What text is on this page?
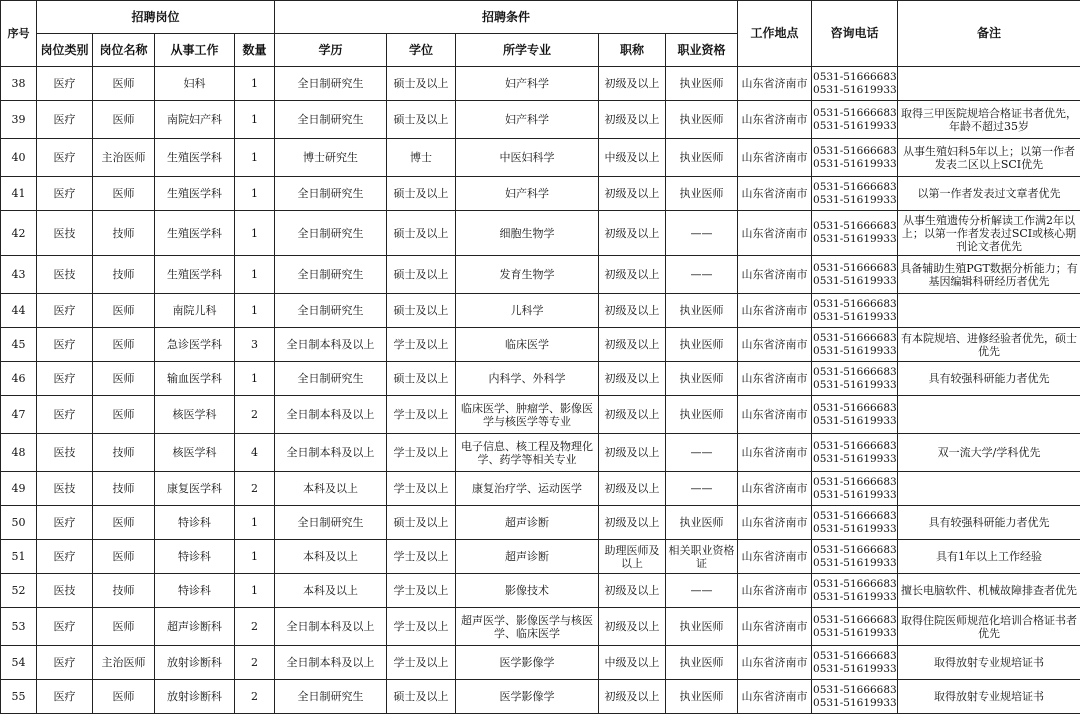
序号	招聘岗位				招聘条件					工作地点	咨询电话	备注
	岗位类别	岗位名称	从事工作	数量	学历	学位	所学专业	职称	职业资格			
38	医疗	医师	妇科	1	全日制研究生	硕士及以上	妇产科学	初级及以上	执业医师	山东省济南市	0531-51666683
0531-51619933	

39	医疗	医师	南院妇产科	1	全日制研究生	硕士及以上	妇产科学	初级及以上	执业医师	山东省济南市	0531-51666683
0531-51619933	取得三甲医院规培合格证书者优先，年龄不超过35岁
40	医疗	主治医师	生殖医学科	1	博士研究生	博士	中医妇科学	中级及以上	执业医师	山东省济南市	0531-51666683
0531-51619933	从事生殖妇科5年以上；以第一作者发表二区以上SCI优先
41	医疗	医师	生殖医学科	1	全日制研究生	硕士及以上	妇产科学	初级及以上	执业医师	山东省济南市	0531-51666683
0531-51619933	以第一作者发表过文章者优先
42	医技	技师	生殖医学科	1	全日制研究生	硕士及以上	细胞生物学	初级及以上	——	山东省济南市	0531-51666683
0531-51619933	从事生殖遗传分析解读工作满2年以上；以第一作者发表过SCI或核心期刊论文者优先
43	医技	技师	生殖医学科	1	全日制研究生	硕士及以上	发育生物学	初级及以上	——	山东省济南市	0531-51666683
0531-51619933	具备辅助生殖PGT数据分析能力；有基因编辑科研经历者优先
44	医疗	医师	南院儿科	1	全日制研究生	硕士及以上	儿科学	初级及以上	执业医师	山东省济南市	0531-51666683
0531-51619933	

45	医疗	医师	急诊医学科	3	全日制本科及以上	学士及以上	临床医学	初级及以上	执业医师	山东省济南市	0531-51666683
0531-51619933	有本院规培、进修经验者优先，硕士优先
46	医疗	医师	输血医学科	1	全日制研究生	硕士及以上	内科学、外科学	初级及以上	执业医师	山东省济南市	0531-51666683
0531-51619933	具有较强科研能力者优先
47	医疗	医师	核医学科	2	全日制本科及以上	学士及以上	临床医学、肿瘤学、影像医学与核医学等专业	初级及以上	执业医师	山东省济南市	0531-51666683
0531-51619933	

48	医技	技师	核医学科	4	全日制本科及以上	学士及以上	电子信息、核工程及物理化学、药学等相关专业	初级及以上	——	山东省济南市	0531-51666683
0531-51619933	双一流大学/学科优先
49	医技	技师	康复医学科	2	本科及以上	学士及以上	康复治疗学、运动医学	初级及以上	——	山东省济南市	0531-51666683
0531-51619933	

50	医疗	医师	特诊科	1	全日制研究生	硕士及以上	超声诊断	初级及以上	执业医师	山东省济南市	0531-51666683
0531-51619933	具有较强科研能力者优先
51	医疗	医师	特诊科	1	本科及以上	学士及以上	超声诊断	助理医师及以上	相关职业资格证	山东省济南市	0531-51666683
0531-51619933	具有1年以上工作经验
52	医技	技师	特诊科	1	本科及以上	学士及以上	影像技术	初级及以上	——	山东省济南市	0531-51666683
0531-51619933	擅长电脑软件、机械故障排查者优先
53	医疗	医师	超声诊断科	2	全日制本科及以上	学士及以上	超声医学、影像医学与核医学、临床医学	初级及以上	执业医师	山东省济南市	0531-51666683
0531-51619933	取得住院医师规范化培训合格证书者优先
54	医疗	主治医师	放射诊断科	2	全日制本科及以上	学士及以上	医学影像学	中级及以上	执业医师	山东省济南市	0531-51666683
0531-51619933	取得放射专业规培证书
55	医疗	医师	放射诊断科	2	全日制研究生	硕士及以上	医学影像学	初级及以上	执业医师	山东省济南市	0531-51666683
0531-51619933	取得放射专业规培证书
